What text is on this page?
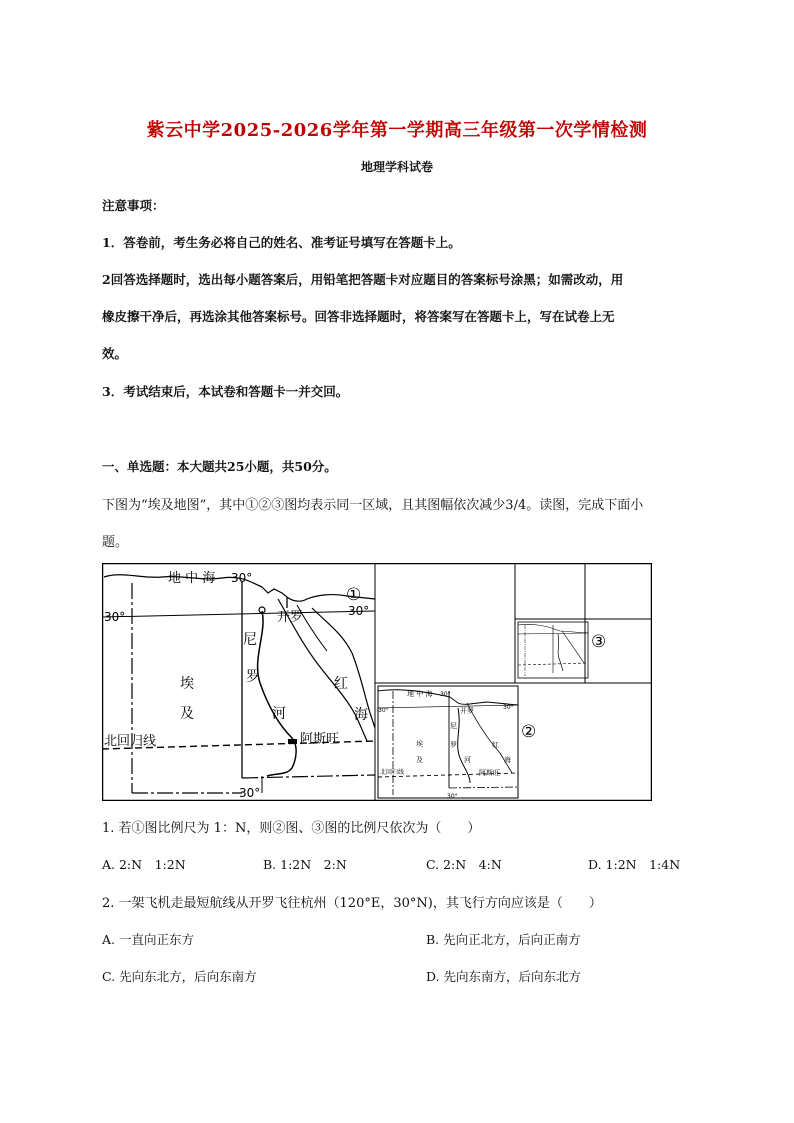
紫云中学2025-2026学年第一学期高三年级第一次学情检测
地理学科试卷
注意事项：
1．答卷前，考生务必将自己的姓名、准考证号填写在答题卡上。
2回答选择题时，选出每小题答案后，用铅笔把答题卡对应题目的答案标号涂黑；如需改动，用
橡皮擦干净后，再选涂其他答案标号。回答非选择题时，将答案写在答题卡上，写在试卷上无
效。
3．考试结束后，本试卷和答题卡一并交回。
一、单选题：本大题共25小题，共50分。
下图为“埃及地图”，其中①②③图均表示同一区域，且其图幅依次减少3/4。读图，完成下面小
题。
地 中 海 30°
30°	30°
开罗
①
埃
及
尼
罗
河
红
海
阿斯旺
北回归线
30°
地 中 海 30°
30°	30°
开罗
埃
及
尼
罗
河
红
海
阿斯旺
北回归线
30°
②
③
1. 若①图比例尺为 1：N，则②图、③图的比例尺依次为（　　）
A. 2:N　1:2N	B. 1:2N　2:N	C. 2:N　4:N	D. 1:2N　1:4N
2. 一架飞机走最短航线从开罗飞往杭州（120°E，30°N)，其飞行方向应该是（　　）
A. 一直向正东方	B. 先向正北方，后向正南方
C. 先向东北方，后向东南方	D. 先向东南方，后向东北方
